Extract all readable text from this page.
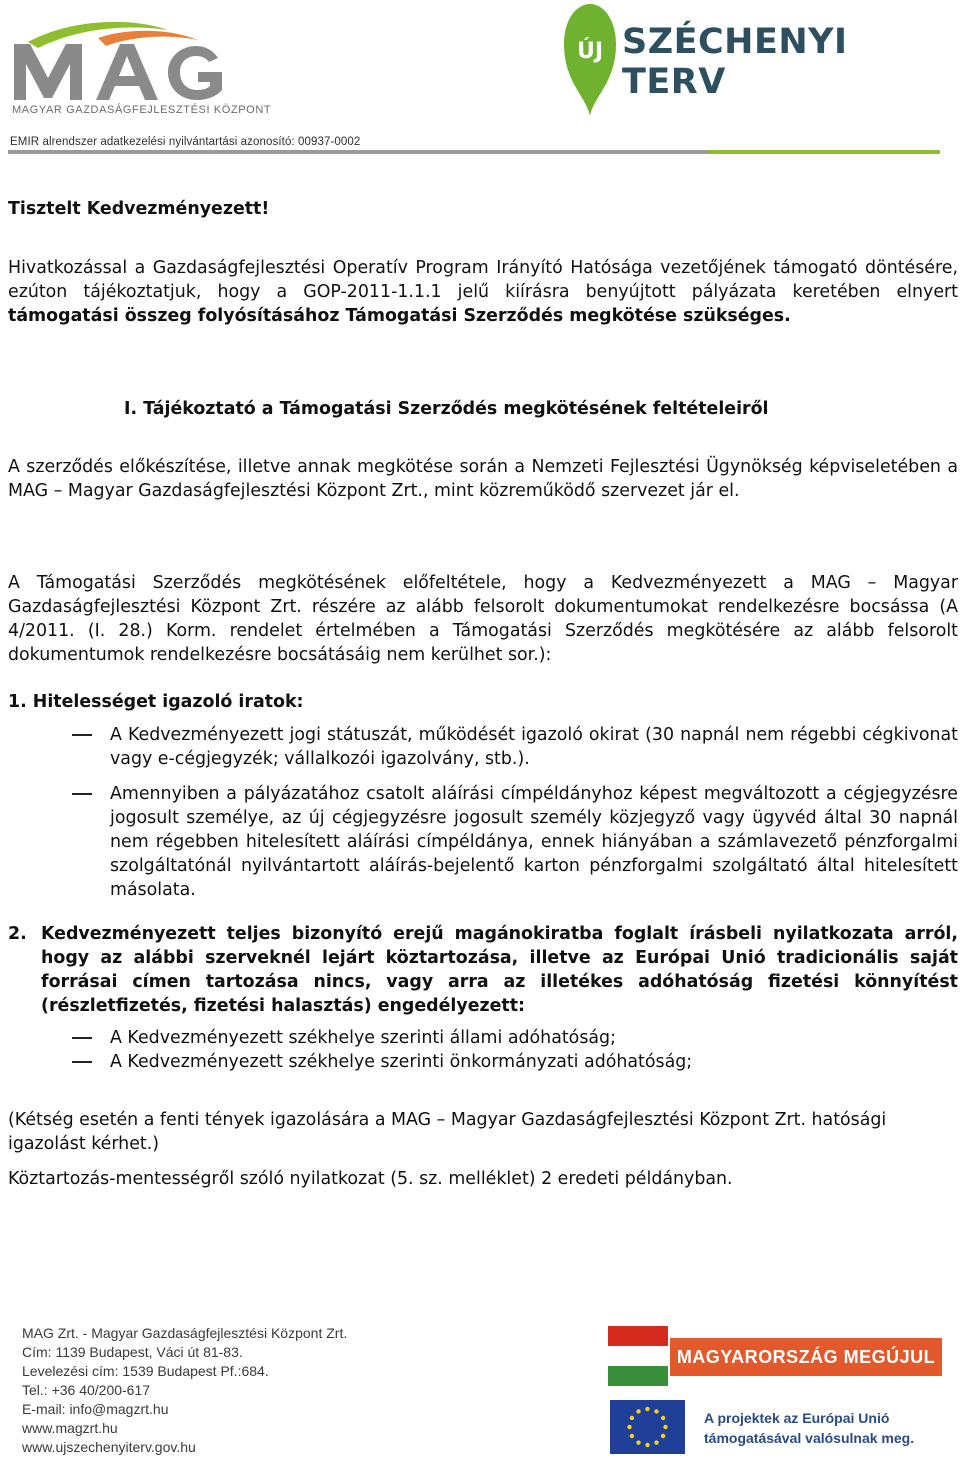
MAGYAR GAZDASÁGFEJLESZTÉSI KÖZPONT
EMIR alrendszer adatkezelési nyilvántartási azonosító: 00937-0002
ÚJ SZÉCHENYI TERV

Tisztelt Kedvezményezett!

Hivatkozással a Gazdaságfejlesztési Operatív Program Irányító Hatósága vezetőjének támogató döntésére, ezúton tájékoztatjuk, hogy a GOP-2011-1.1.1 jelű kiírásra benyújtott pályázata keretében elnyert támogatási összeg folyósításához Támogatási Szerződés megkötése szükséges.

I. Tájékoztató a Támogatási Szerződés megkötésének feltételeiről

A szerződés előkészítése, illetve annak megkötése során a Nemzeti Fejlesztési Ügynökség képviseletében a MAG – Magyar Gazdaságfejlesztési Központ Zrt., mint közreműködő szervezet jár el.

A Támogatási Szerződés megkötésének előfeltétele, hogy a Kedvezményezett a MAG – Magyar Gazdaságfejlesztési Központ Zrt. részére az alább felsorolt dokumentumokat rendelkezésre bocsássa (A 4/2011. (I. 28.) Korm. rendelet értelmében a Támogatási Szerződés megkötésére az alább felsorolt dokumentumok rendelkezésre bocsátásáig nem kerülhet sor.):

1. Hitelességet igazoló iratok:

A Kedvezményezett jogi státuszát, működését igazoló okirat (30 napnál nem régebbi cégkivonat vagy e-cégjegyzék; vállalkozói igazolvány, stb.).
Amennyiben a pályázatához csatolt aláírási címpéldányhoz képest megváltozott a cégjegyzésre jogosult személye, az új cégjegyzésre jogosult személy közjegyző vagy ügyvéd által 30 napnál nem régebben hitelesített aláírási címpéldánya, ennek hiányában a számlavezető pénzforgalmi szolgáltatónál nyilvántartott aláírás-bejelentő karton pénzforgalmi szolgáltató által hitelesített másolata.
2. Kedvezményezett teljes bizonyító erejű magánokiratba foglalt írásbeli nyilatkozata arról, hogy az alábbi szerveknél lejárt köztartozása, illetve az Európai Unió tradicionális saját forrásai címen tartozása nincs, vagy arra az illetékes adóhatóság fizetési könnyítést (részletfizetés, fizetési halasztás) engedélyezett:
A Kedvezményezett székhelye szerinti állami adóhatóság;
A Kedvezményezett székhelye szerinti önkormányzati adóhatóság;

(Kétség esetén a fenti tények igazolására a MAG – Magyar Gazdaságfejlesztési Központ Zrt. hatósági igazolást kérhet.)

Köztartozás-mentességről szóló nyilatkozat (5. sz. melléklet) 2 eredeti példányban.

MAG Zrt. - Magyar Gazdaságfejlesztési Központ Zrt.
Cím: 1139 Budapest, Váci út 81-83.
Levelezési cím: 1539 Budapest Pf.:684.
Tel.: +36 40/200-617
E-mail: info@magzrt.hu
www.magzrt.hu
www.ujszechenyiterv.gov.hu
MAGYARORSZÁG MEGÚJUL
A projektek az Európai Unió
támogatásával valósulnak meg.
